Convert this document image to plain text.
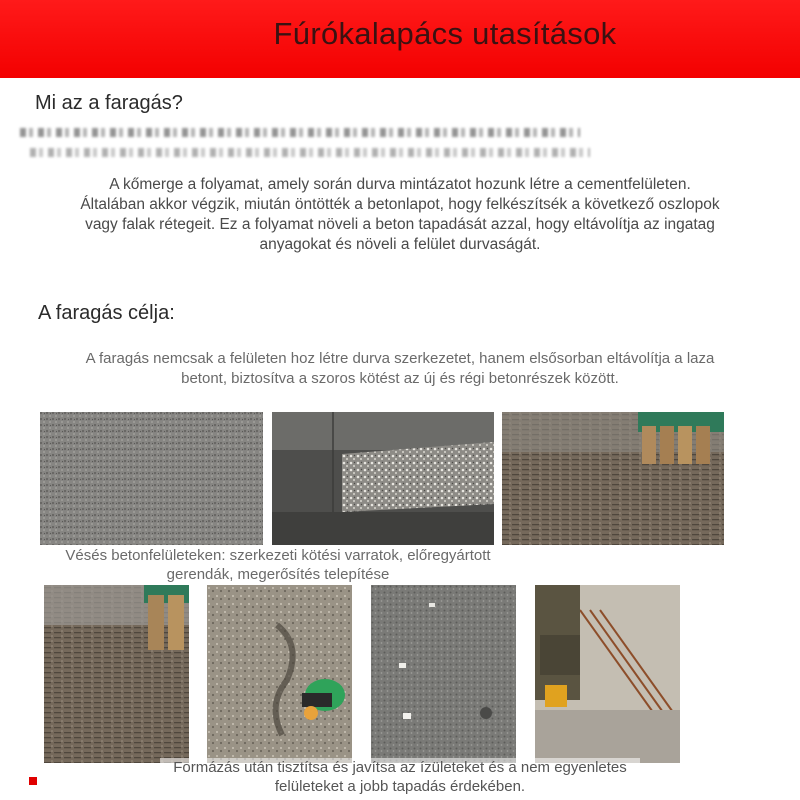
Fúrókalapács utasítások
Mi az a faragás?
A kőmerge a folyamat, amely során durva mintázatot hozunk létre a cementfelületen.
Általában akkor végzik, miután öntötték a betonlapot, hogy felkészítsék a következő oszlopok
vagy falak rétegeit. Ez a folyamat növeli a beton tapadását azzal, hogy eltávolítja az ingatag
anyagokat és növeli a felület durvaságát.
A faragás célja:
A faragás nemcsak a felületen hoz létre durva szerkezetet, hanem elsősorban eltávolítja a laza
betont, biztosítva a szoros kötést az új és régi betonrészek között.
Vésés betonfelületeken: szerkezeti kötési varratok, előregyártott
gerendák, megerősítés telepítése
Formázás után tisztítsa és javítsa az ízületeket és a nem egyenletes
felületeket a jobb tapadás érdekében.
